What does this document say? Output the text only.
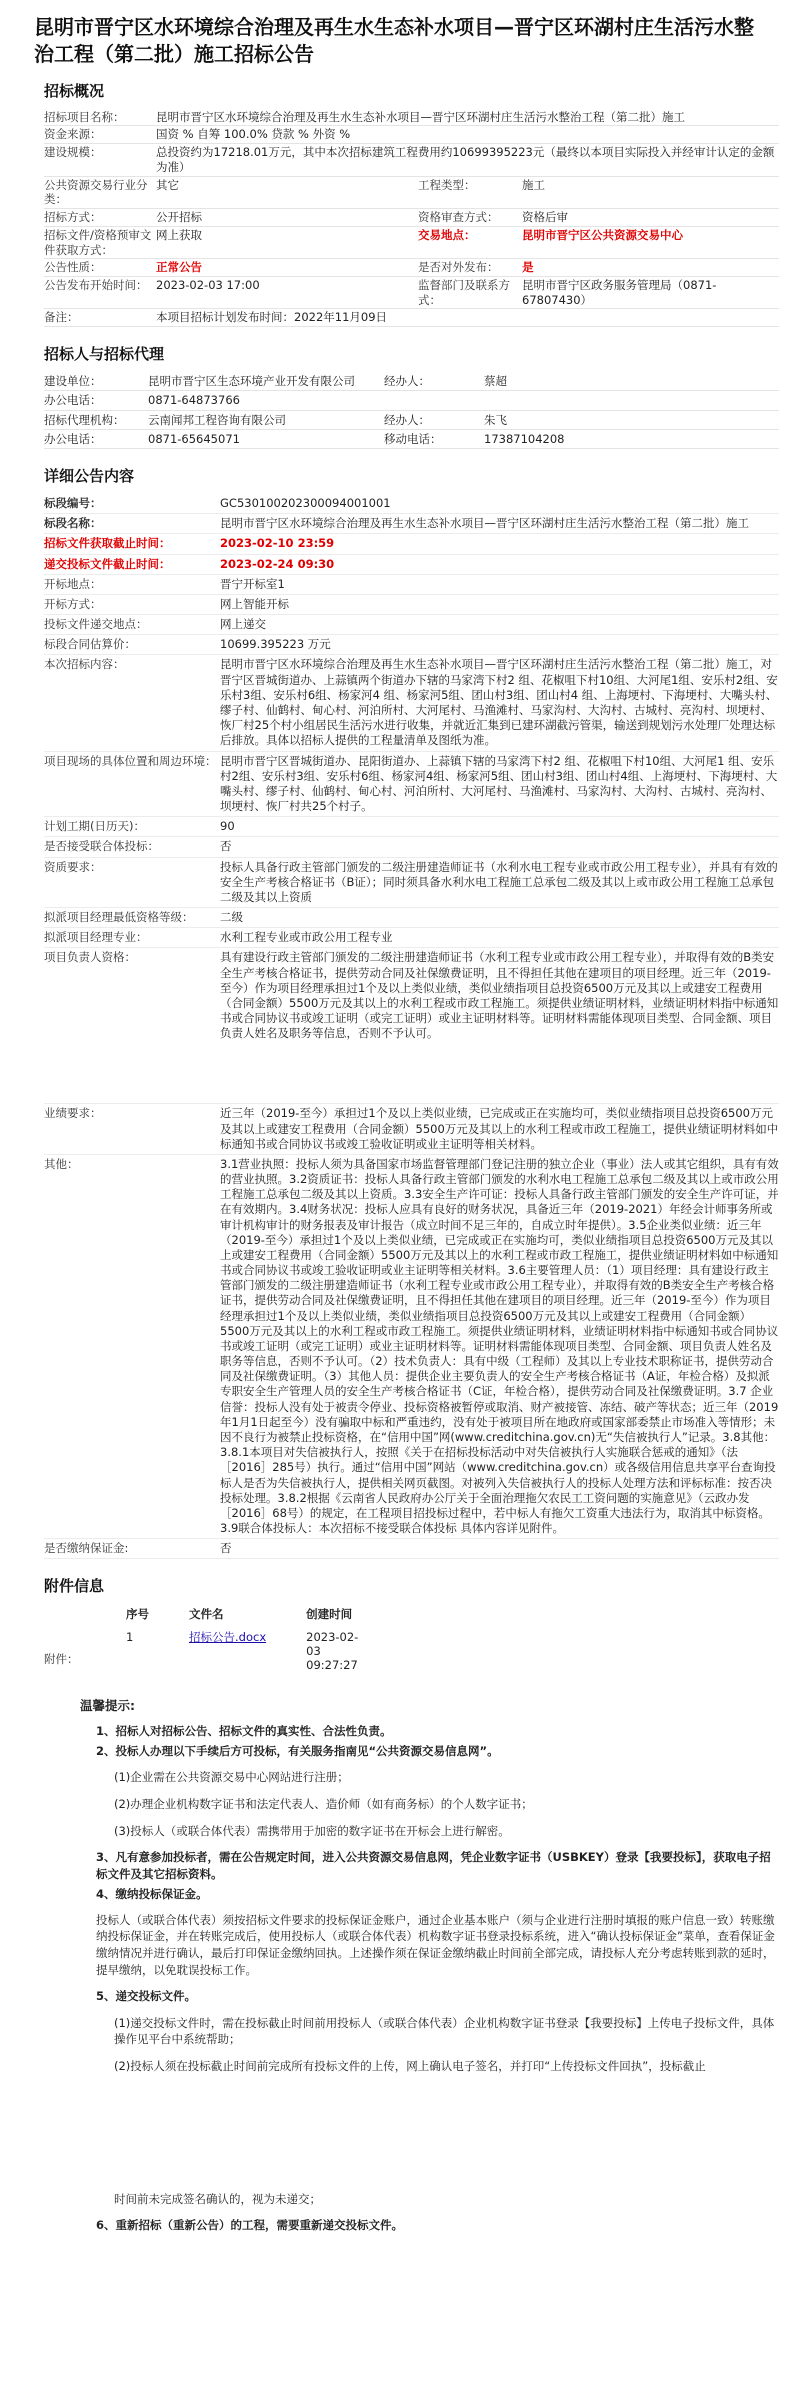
昆明市晋宁区水环境综合治理及再生水生态补水项目—晋宁区环湖村庄生活污水整治工程（第二批）施工招标公告
招标概况
招标项目名称：	昆明市晋宁区水环境综合治理及再生水生态补水项目—晋宁区环湖村庄生活污水整治工程（第二批）施工		
资金来源：	国资 % 自筹 100.0% 贷款 % 外资 %		
建设规模：	总投资约为17218.01万元，其中本次招标建筑工程费用约10699395223元（最终以本项目实际投入并经审计认定的金额为准）		
公共资源交易行业分类：	其它	工程类型：	施工
招标方式：	公开招标	资格审查方式：	资格后审
招标文件/资格预审文件获取方式：	网上获取	交易地点：	昆明市晋宁区公共资源交易中心
公告性质：	正常公告	是否对外发布：	是
公告发布开始时间：	2023-02-03 17:00	监督部门及联系方式：	昆明市晋宁区政务服务管理局（0871-67807430）
备注：	本项目招标计划发布时间：2022年11月09日		
招标人与招标代理
建设单位：	昆明市晋宁区生态环境产业开发有限公司	经办人：	蔡超
办公电话：	0871-64873766		
招标代理机构：	云南闻邦工程咨询有限公司	经办人：	朱飞
办公电话：	0871-65645071	移动电话：	17387104208
详细公告内容
标段编号：	GC5301002023000940010​01
标段名称：	昆明市晋宁区水环境综合治理及再生水生态补水项目—晋宁区环湖村庄生活污水整治工程（第二批）施工
招标文件获取截止时间：	2023-02-10 23:59
递交投标文件截止时间：	2023-02-24 09:30
开标地点：	晋宁开标室1
开标方式：	网上智能开标
投标文件递交地点：	网上递交
标段合同估算价：	10699.395223 万元
本次招标内容：	昆明市晋宁区水环境综合治理及再生水生态补水项目—晋宁区环湖村庄生活污水整治工程（第二批）施工，对晋宁区晋城街道办、上蒜镇两个街道办下辖的马家湾下村2 组、花椒咀下村10组、大河尾1组、安乐村2组、安乐村3组、安乐村6组、杨家河4 组、杨家河5组、团山村3组、团山村4 组、上海埂村、下海埂村、大嘴头村、缪子村、仙鹤村、甸心村、河泊所村、大河尾村、马渔滩村、马家沟村、大沟村、古城村、亮沟村、坝埂村、恢厂村25个村小组居民生活污水进行收集，并就近汇集到已建环湖截污管渠，输送到规划污水处理厂处理达标后排放。具体以招标人提供的工程量清单及图纸为准。
项目现场的具体位置和周边环境：	昆明市晋宁区晋城街道办、昆阳街道办、上蒜镇下辖的马家湾下村2 组、花椒咀下村10组、大河尾1 组、安乐村2组、安乐村3组、安乐村6组、杨家河4组、杨家河5组、团山村3组、团山村4组、上海埂村、下海埂村、大嘴头村、缪子村、仙鹤村、甸心村、河泊所村、大河尾村、马渔滩村、马家沟村、大沟村、古城村、亮沟村、坝埂村、恢厂村共25个村子。
计划工期(日历天)：	90
是否接受联合体投标：	否
资质要求：	投标人具备行政主管部门颁发的二级注册建造师证书（水利水电工程专业或市政公用工程专业），并具有有效的安全生产考核合格证书（B证）；同时须具备水利水电工程施工总承包二级及其以上或市政公用工程施工总承包二级及其以上资质
拟派项目经理最低资格等级：	二级
拟派项目经理专业：	水利工程专业或市政公用工程专业
项目负责人资格：	具有建设行政主管部门颁发的二级注册建造师证书（水利工程专业或市政公用工程专业），并取得有效的B类安全生产考核合格证书，提供劳动合同及社保缴费证明，且不得担任其他在建项目的项目经理。近三年（2019-至今）作为项目经理承担过1个及以上类似业绩，类似业绩指项目总投资6500万元及其以上或建安工程费用（合同金额）5500万元及其以上的水利工程或市政工程施工。须提供业绩证明材料，业绩证明材料指中标通知书或合同协议书或竣工证明（或完工证明）或业主证明材料等。证明材料需能体现项目类型、合同金额、项目负责人姓名及职务等信息，否则不予认可。
业绩要求：	近三年（2019-至今）承担过1个及以上类似业绩，已完成或正在实施均可，类似业绩指项目总投资6500万元及其以上或建安工程费用（合同金额）5500万元及其以上的水利工程或市政工程施工，提供业绩证明材料如中标通知书或合同协议书或竣工验收证明或业主证明等相关材料。
其他：	3.1营业执照：投标人须为具备国家市场监督管理部门登记注册的独立企业（事业）法人或其它组织，具有有效的营业执照。3.2资质证书：投标人具备行政主管部门颁发的水利水电工程施工总承包二级及其以上或市政公用工程施工总承包二级及其以上资质。3.3安全生产许可证：投标人具备行政主管部门颁发的安全生产许可证，并在有效期内。3.4财务状况：投标人应具有良好的财务状况，具备近三年（2019-2021）年经会计师事务所或审计机构审计的财务报表及审计报告（成立时间不足三年的，自成立时年提供）。3.5企业类似业绩：近三年（2019-至今）承担过1个及以上类似业绩，已完成或正在实施均可，类似业绩指项目总投资6500万元及其以上或建安工程费用（合同金额）5500万元及其以上的水利工程或市政工程施工，提供业绩证明材料如中标通知书或合同协议书或竣工验收证明或业主证明等相关材料。3.6主要管理人员：（1）项目经理：具有建设行政主管部门颁发的二级注册建造师证书（水利工程专业或市政公用工程专业），并取得有效的B类安全生产考核合格证书，提供劳动合同及社保缴费证明，且不得担任其他在建项目的项目经理。近三年（2019-至今）作为项目经理承担过1个及以上类似业绩，类似业绩指项目总投资6500万元及其以上或建安工程费用（合同金额）5500万元及其以上的水利工程或市政工程施工。须提供业绩证明材料，业绩证明材料指中标通知书或合同协议书或竣工证明（或完工证明）或业主证明材料等。证明材料需能体现项目类型、合同金额、项目负责人姓名及职务等信息，否则不予认可。（2）技术负责人：具有中级（工程师）及其以上专业技术职称证书，提供劳动合同及社保缴费证明。（3）其他人员：提供企业主要负责人的安全生产考核合格证书（A证，年检合格）及拟派专职安全生产管理人员的安全生产考核合格证书（C证，年检合格），提供劳动合同及社保缴费证明。3.7 企业信誉：投标人没有处于被责令停业、投标资格被暂停或取消、财产被接管、冻结、破产等状态；近三年（2019年1月1日起至今）没有骗取中标和严重违约，没有处于被项目所在地政府或国家部委禁止市场准入等情形；未因不良行为被禁止投标资格，在“信用中国”网(www.creditchina.gov.cn)无“失信被执行人”记录。3.8其他：3.8.1本项目对失信被执行人，按照《关于在招标投标活动中对失信被执行人实施联合惩戒的通知》（法［2016］285号）执行。通过“信用中国”网站（www.creditchina.gov.cn）或各级信用信息共享平台查询投标人是否为失信被执行人，提供相关网页截图。对被列入失信被执行人的投标人处理方法和评标标准：按否决投标处理。3.8.2根据《云南省人民政府办公厅关于全面治理拖欠农民工工资问题的实施意见》（云政办发［2016］68号）的规定，在工程项目招投标过程中，若中标人有拖欠工资重大违法行为，取消其中标资格。3.9联合体投标人：本次招标不接受联合体投标 具体内容详见附件。
是否缴纳保证金:	否
附件信息
附件：
序号	文件名	创建时间
1	招标公告.docx	2023-02-03 09:27:27
温馨提示:
1、招标人对招标公告、招标文件的真实性、合法性负责。
2、投标人办理以下手续后方可投标，有关服务指南见“公共资源交易信息网”。
(1)企业需在公共资源交易中心网站进行注册；
(2)办理企业机构数字证书和法定代表人、造价师（如有商务标）的个人数字证书；
(3)投标人（或联合体代表）需携带用于加密的数字证书在开标会上进行解密。
3、凡有意参加投标者，需在公告规定时间，进入公共资源交易信息网，凭企业数字证书（USBKEY）登录【我要投标】，获取电子招标文件及其它招标资料。
4、缴纳投标保证金。
投标人（或联合体代表）须按招标文件要求的投标保证金账户，通过企业基本账户（须与企业进行注册时填报的账户信息一致）转账缴纳投标保证金，并在转账完成后，使用投标人（或联合体代表）机构数字证书登录投标系统，进入“确认投标保证金”菜单，查看保证金缴纳情况并进行确认，最后打印保证金缴纳回执。上述操作须在保证金缴纳截止时间前全部完成，请投标人充分考虑转账到款的延时，提早缴纳，以免耽误投标工作。
5、递交投标文件。
(1)递交投标文件时，需在投标截止时间前用投标人（或联合体代表）企业机构数字证书登录【我要投标】上传电子投标文件，具体操作见平台中系统帮助；
(2)投标人须在投标截止时间前完成所有投标文件的上传，网上确认电子签名，并打印“上传投标文件回执”，投标截止
时间前未完成签名确认的，视为未递交；
6、重新招标（重新公告）的工程，需要重新递交投标文件。
